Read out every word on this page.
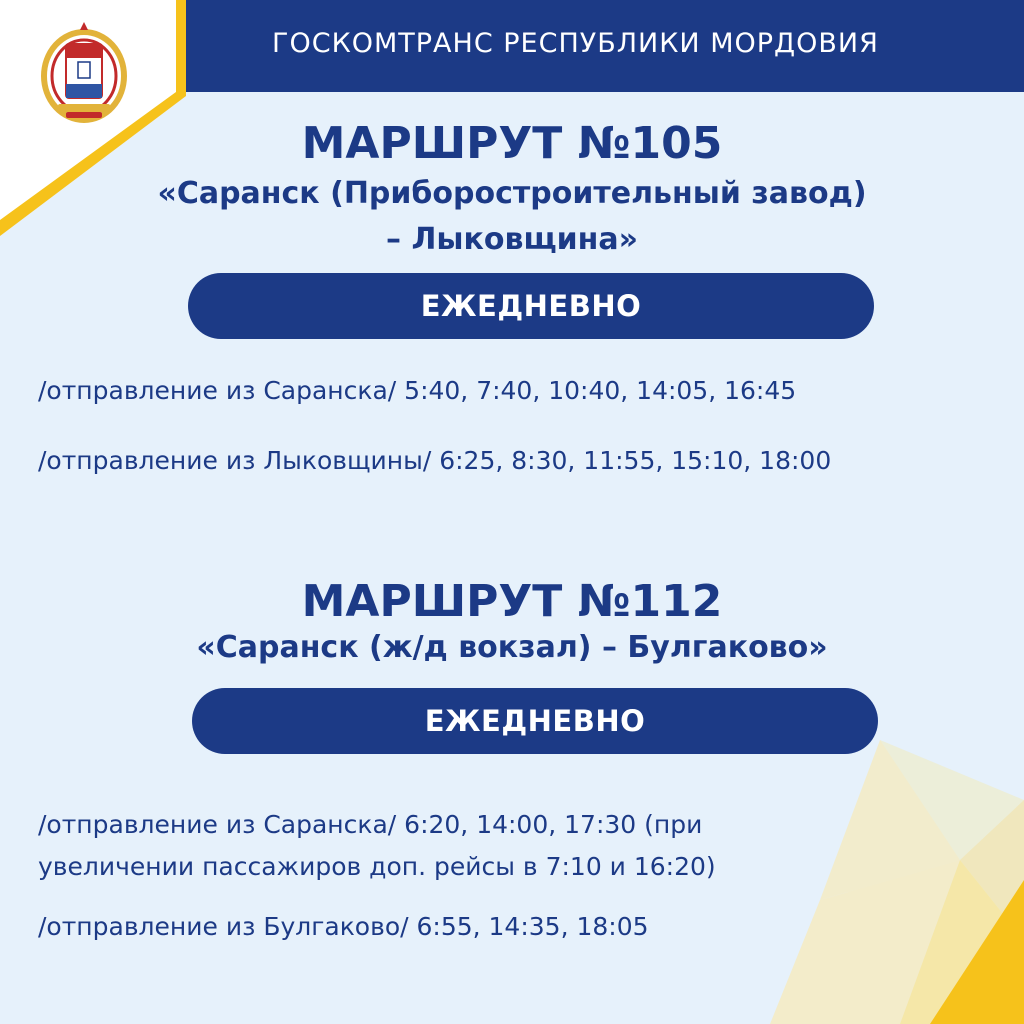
ГОСКОМТРАНС РЕСПУБЛИКИ МОРДОВИЯ
МАРШРУТ №105
«Саранск (Приборостроительный завод)
– Лыковщина»
ЕЖЕДНЕВНО
/отправление из Саранска/ 5:40, 7:40, 10:40, 14:05, 16:45
/отправление из Лыковщины/ 6:25, 8:30, 11:55, 15:10, 18:00
МАРШРУТ №112
«Саранск (ж/д вокзал) – Булгаково»
ЕЖЕДНЕВНО
/отправление из Саранска/ 6:20, 14:00, 17:30 (при
увеличении пассажиров доп. рейсы в 7:10 и 16:20)
/отправление из Булгаково/ 6:55, 14:35, 18:05
